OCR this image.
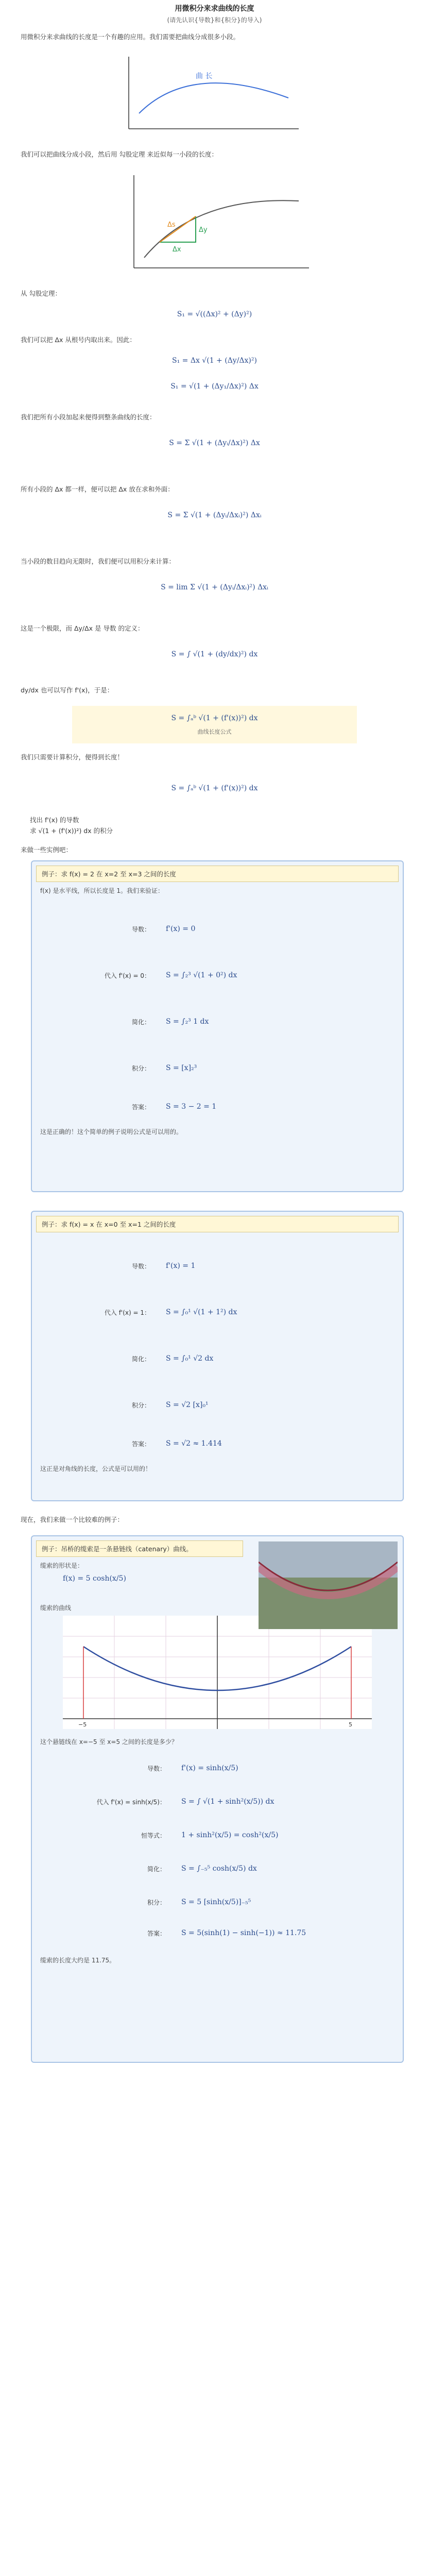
用微积分来求曲线的长度
(请先认识{导数}和{积分}的导入)
用微积分来求曲线的长度是一个有趣的应用。我们需要把曲线分成很多小段。
曲 长
我们可以把曲线分成小段，然后用 勾股定理 来近似每一小段的长度：
Δx
Δy
Δs
从 勾股定理：
S₁ = √((Δx)² + (Δy)²)
我们可以把 Δx 从根号内取出来。因此：
S₁ = Δx √(1 + (Δy/Δx)²)
S₁ = √(1 + (Δy₁/Δx)²) Δx
我们把所有小段加起来便得到整条曲线的长度：
S = Σ √(1 + (Δyᵢ/Δx)²) Δx
所有小段的 Δx 都一样，便可以把 Δx 放在求和外面：
S = Σ √(1 + (Δyᵢ/Δxᵢ)²) Δxᵢ
当小段的数目趋向无限时，我们便可以用积分来计算：
S = lim Σ √(1 + (Δyᵢ/Δxᵢ)²) Δxᵢ
这是一个极限，而 Δy/Δx 是 导数 的定义：
S = ∫ √(1 + (dy/dx)²) dx
dy/dx 也可以写作 f'(x)，于是：
S = ∫ₐᵇ √(1 + (f'(x))²) dx
曲线长度公式
我们只需要计算积分，便得到长度！
S = ∫ₐᵇ √(1 + (f'(x))²) dx
找出 f'(x) 的导数
求 √(1 + (f'(x))²) dx 的积分
来做一些实例吧：
例子：求 f(x) = 2 在 x=2 至 x=3 之间的长度
f(x) 是水平线，所以长度是 1。我们来验证：
导数： f'(x) = 0
代入 f'(x) = 0： S = ∫₂³ √(1 + 0²) dx
简化： S = ∫₂³ 1 dx
积分： S = [x]₂³
答案： S = 3 − 2 = 1
这是正确的！这个简单的例子说明公式是可以用的。
例子：求 f(x) = x 在 x=0 至 x=1 之间的长度
导数： f'(x) = 1
代入 f'(x) = 1： S = ∫₀¹ √(1 + 1²) dx
简化： S = ∫₀¹ √2 dx
积分： S = √2 [x]₀¹
答案： S = √2 ≈ 1.414
这正是对角线的长度，公式是可以用的！
现在，我们来做一个比较难的例子：
例子：吊桥的缆索是一条悬链线（catenary）曲线。
缆索的形状是：
f(x) = 5 cosh(x/5)
缆索的曲线
−5	5
这个悬链线在 x=−5 至 x=5 之间的长度是多少？
导数： f'(x) = sinh(x/5)
代入 f'(x) = sinh(x/5)： S = ∫ √(1 + sinh²(x/5)) dx
恒等式： 1 + sinh²(x/5) = cosh²(x/5)
简化： S = ∫₋₅⁵ cosh(x/5) dx
积分： S = 5 [sinh(x/5)]₋₅⁵
答案： S = 5(sinh(1) − sinh(−1)) ≈ 11.75
缆索的长度大约是 11.75。
